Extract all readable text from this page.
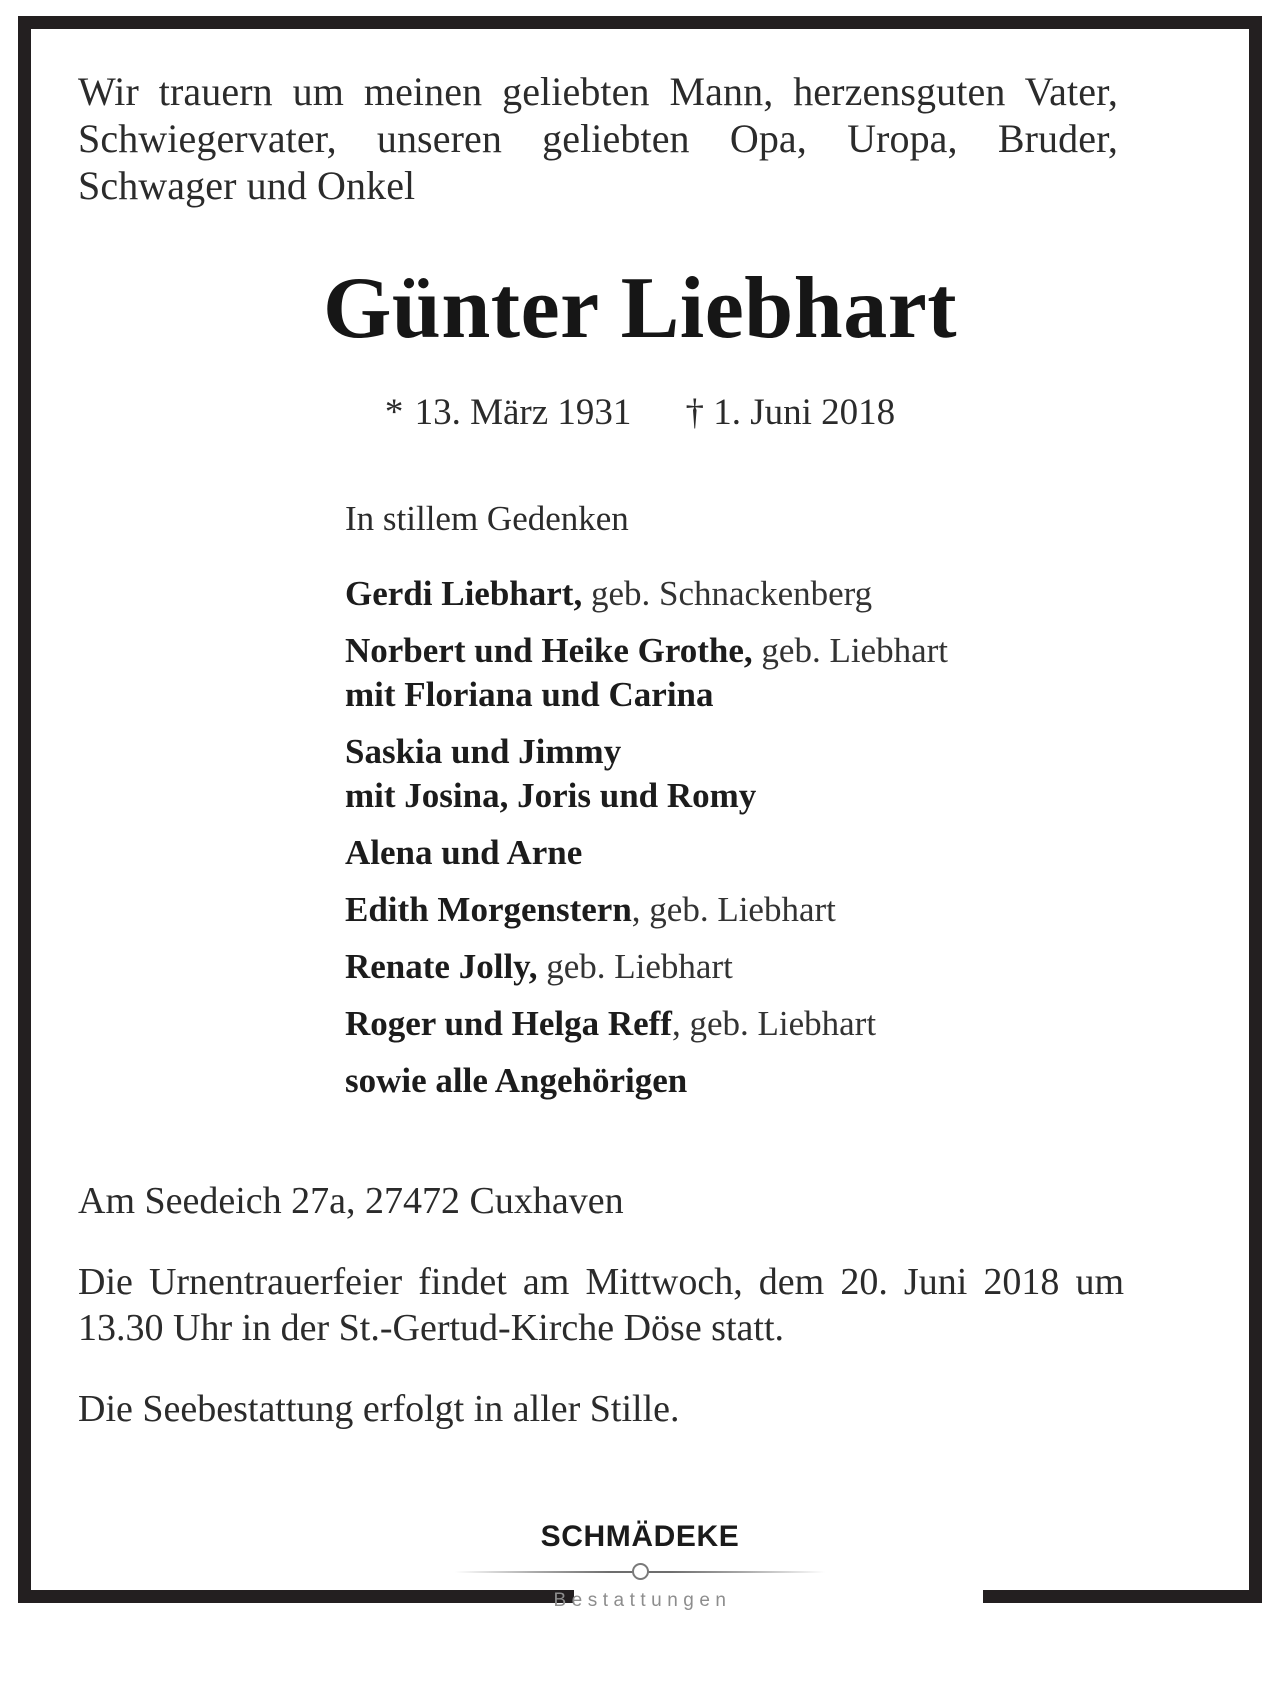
Wir trauern um meinen geliebten Mann, herzensguten Vater, Schwiegervater, unseren geliebten Opa, Uropa, Bruder, Schwager und Onkel
Günter Liebhart
* 13. März 1931 † 1. Juni 2018
In stillem Gedenken
Gerdi Liebhart, geb. Schnackenberg
Norbert und Heike Grothe, geb. Liebhart
mit Floriana und Carina
Saskia und Jimmy
mit Josina, Joris und Romy
Alena und Arne
Edith Morgenstern, geb. Liebhart
Renate Jolly, geb. Liebhart
Roger und Helga Reff, geb. Liebhart
sowie alle Angehörigen

Am Seedeich 27a, 27472 Cuxhaven

Die Urnentrauerfeier findet am Mittwoch, dem 20. Juni 2018 um 13.30 Uhr in der St.-Gertud-Kirche Döse statt.

Die Seebestattung erfolgt in aller Stille.

SCHMÄDEKE
Bestattungen
